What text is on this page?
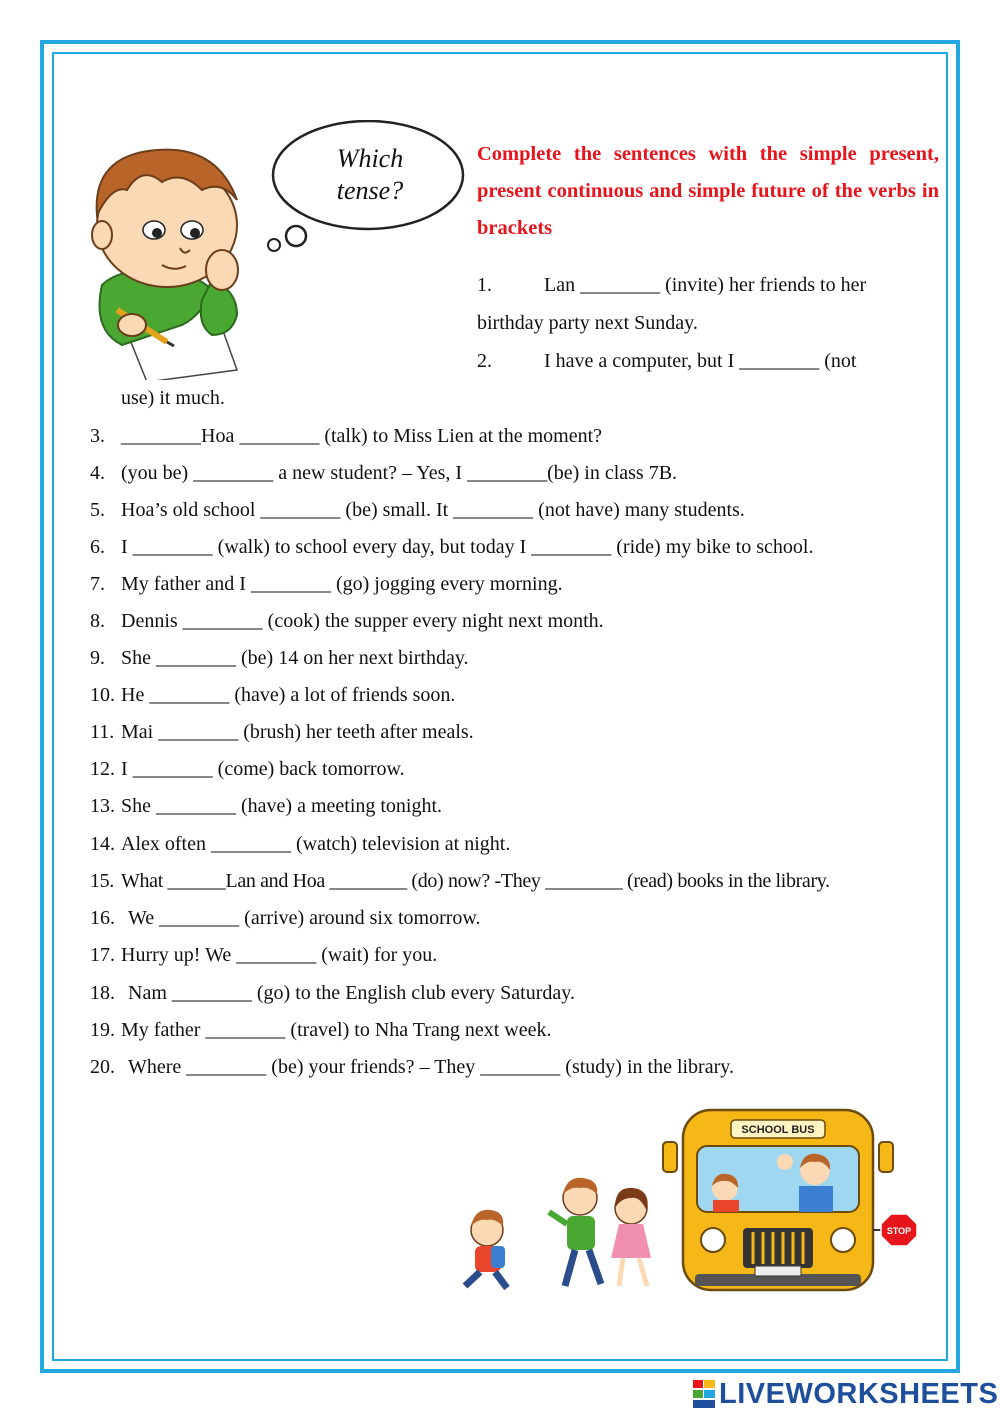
Which
tense?

Complete the sentences with the simple present, present continuous and simple future of the verbs in brackets

1.	Lan ________ (invite) her friends to her
birthday party next Sunday.
2.	I have a computer, but I ________ (not
use) it much.
3. ________Hoa ________ (talk) to Miss Lien at the moment?
4. (you be) ________ a new student? – Yes, I ________(be) in class 7B.
5. Hoa’s old school ________ (be) small. It ________ (not have) many students.
6. I ________ (walk) to school every day, but today I ________ (ride) my bike to school.
7. My father and I ________ (go) jogging every morning.
8. Dennis ________ (cook) the supper every night next month.
9. She ________ (be) 14 on her next birthday.
10. He ________ (have) a lot of friends soon.
11. Mai ________ (brush) her teeth after meals.
12. I ________ (come) back tomorrow.
13. She ________ (have) a meeting tonight.
14. Alex often ________ (watch) television at night.
15. What ______Lan and Hoa ________ (do) now? -They ________ (read) books in the library.
16. We ________ (arrive) around six tomorrow.
17. Hurry up! We ________ (wait) for you.
18. Nam ________ (go) to the English club every Saturday.
19. My father ________ (travel) to Nha Trang next week.
20. Where ________ (be) your friends? – They ________ (study) in the library.
SCHOOL BUS
STOP
LIVEWORKSHEETS
